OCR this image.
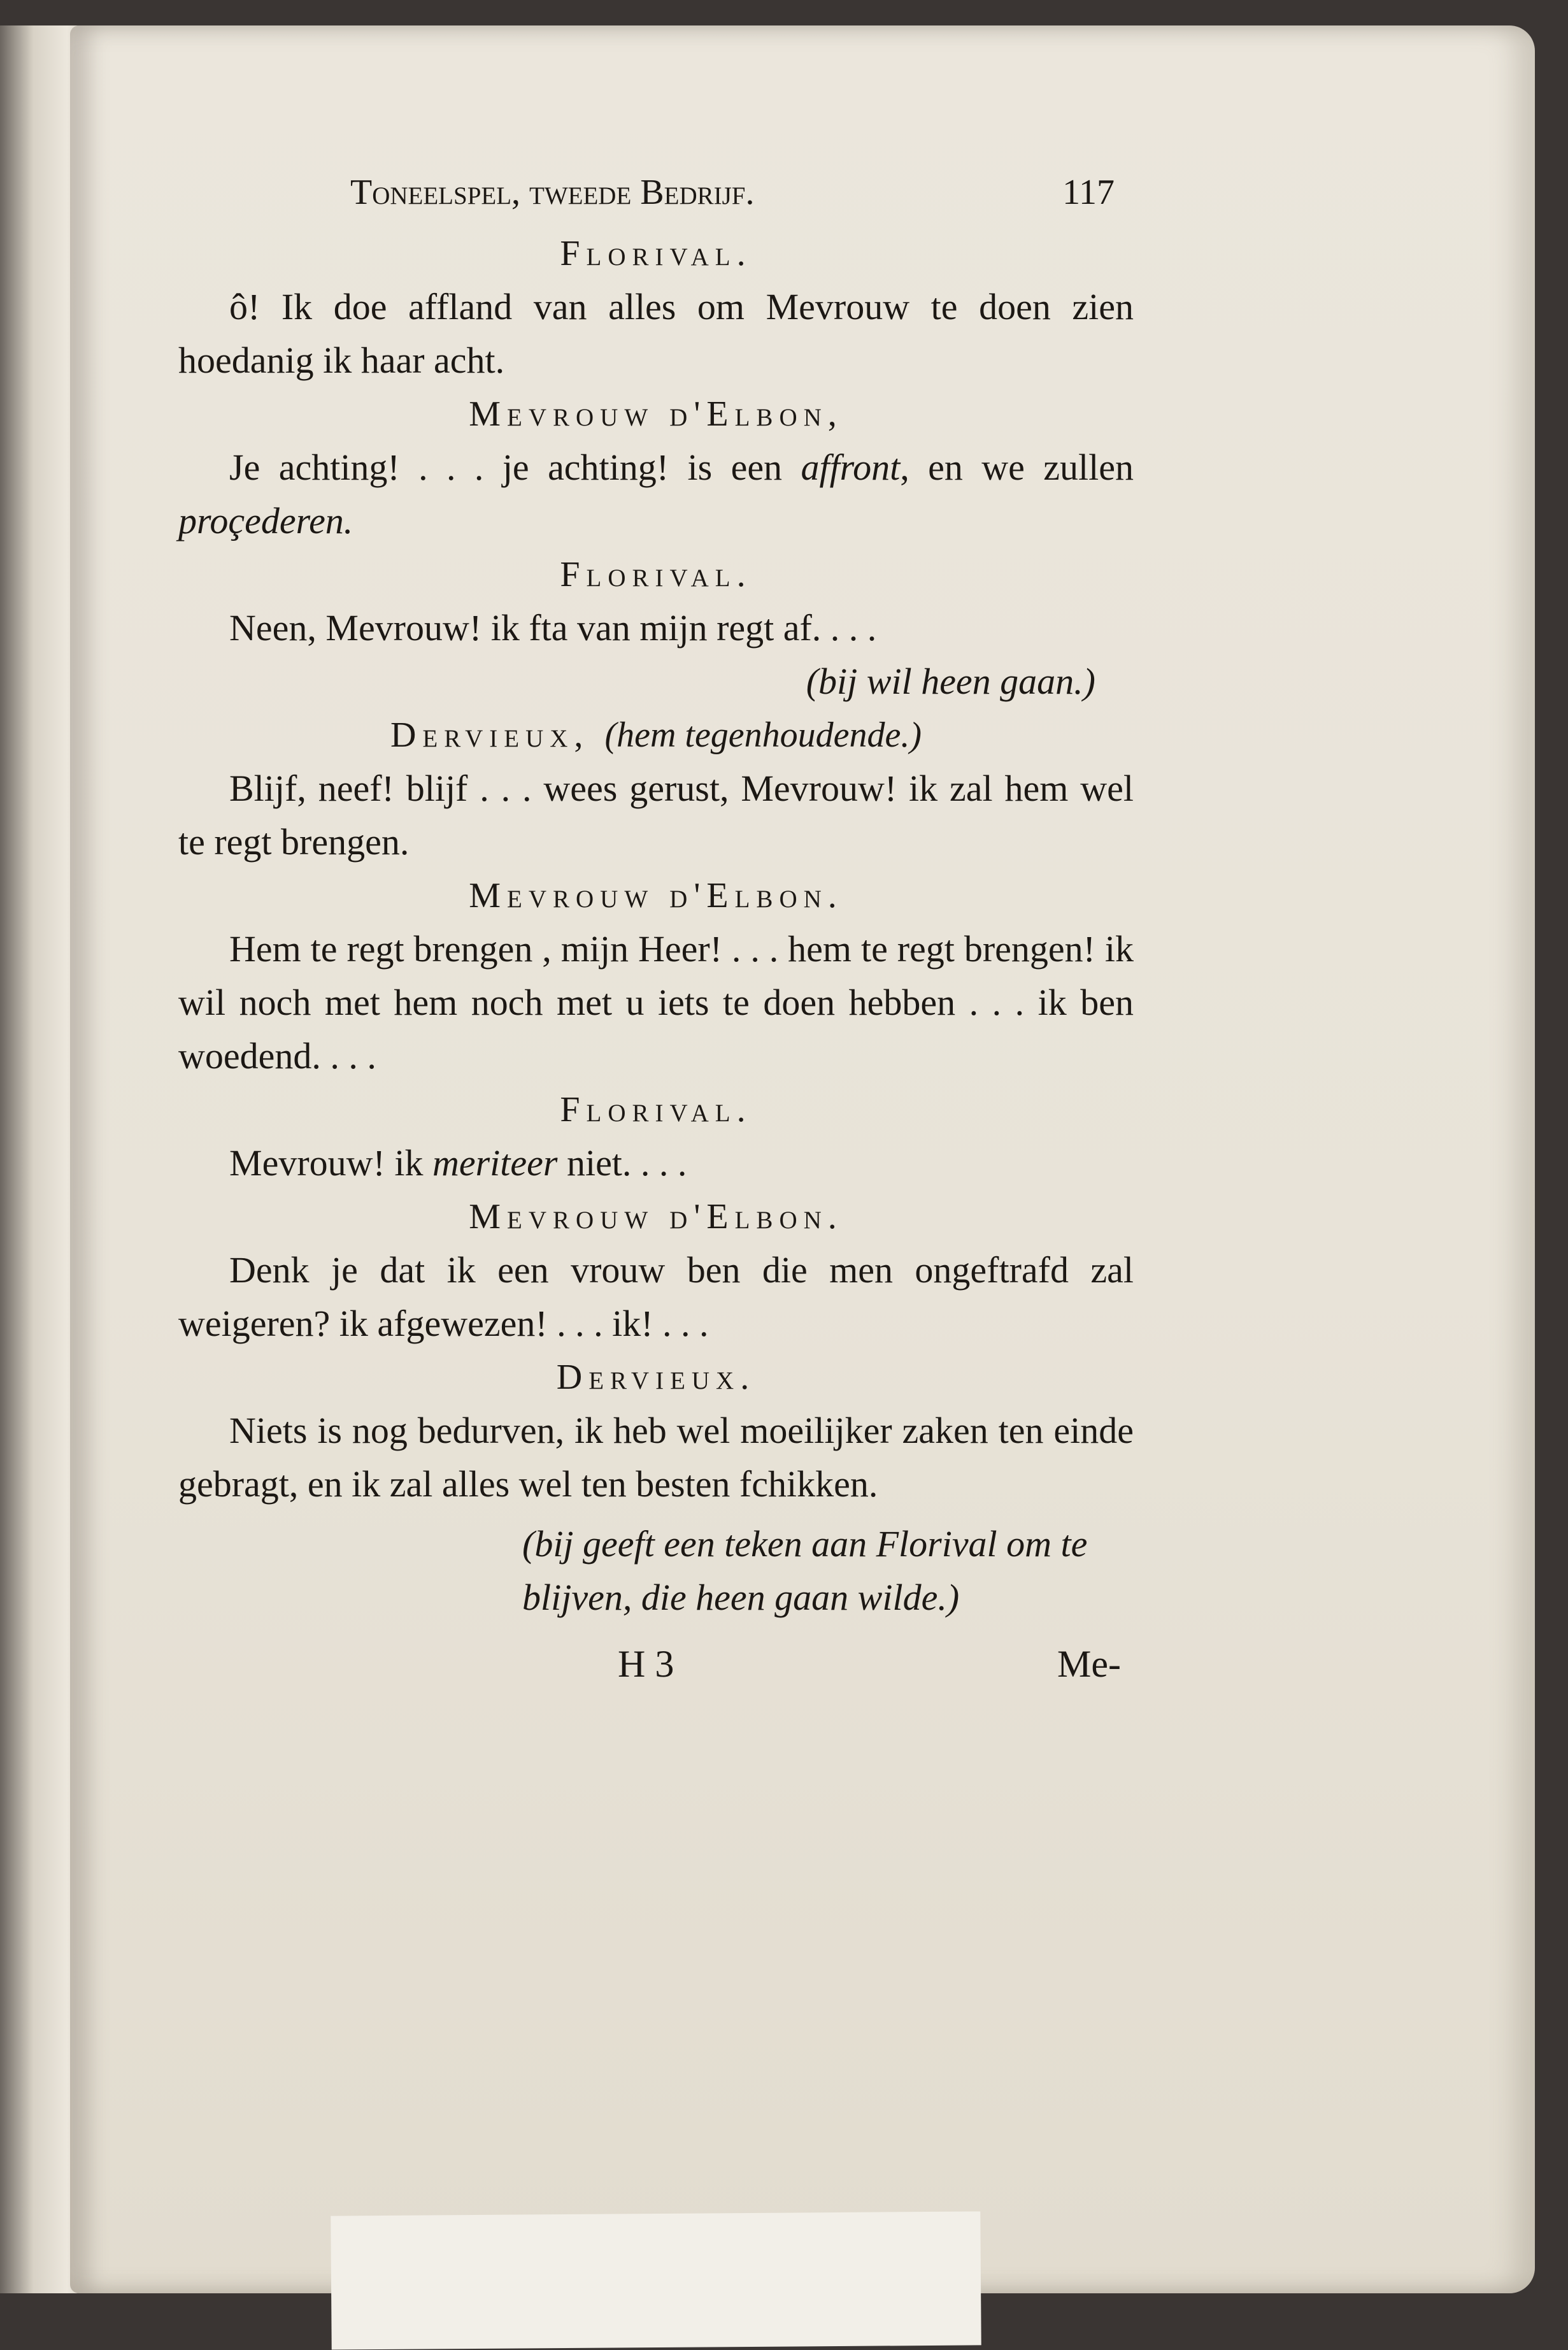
Toneelspel, tweede Bedrijf.	117
Florival.

ô! Ik doe affland van alles om Mevrouw te doen zien hoedanig ik haar acht.

Mevrouw d'Elbon,

Je achting! . . . je achting! is een affront, en we zullen proçederen.

Florival.

Neen, Mevrouw! ik fta van mijn regt af. . . .

(bij wil heen gaan.)

Dervieux, (hem tegenhoudende.)

Blijf, neef! blijf . . . wees gerust, Mevrouw! ik zal hem wel te regt brengen.

Mevrouw d'Elbon.

Hem te regt brengen , mijn Heer! . . . hem te regt brengen! ik wil noch met hem noch met u iets te doen hebben . . . ik ben woedend. . . .

Florival.

Mevrouw! ik meriteer niet. . . .

Mevrouw d'Elbon.

Denk je dat ik een vrouw ben die men ongeftrafd zal weigeren? ik afgewezen! . . . ik! . . .

Dervieux.

Niets is nog bedurven, ik heb wel moeilijker zaken ten einde gebragt, en ik zal alles wel ten besten fchikken.

(bij geeft een teken aan Florival om te blijven, die heen gaan wilde.)
H 3	Me-
